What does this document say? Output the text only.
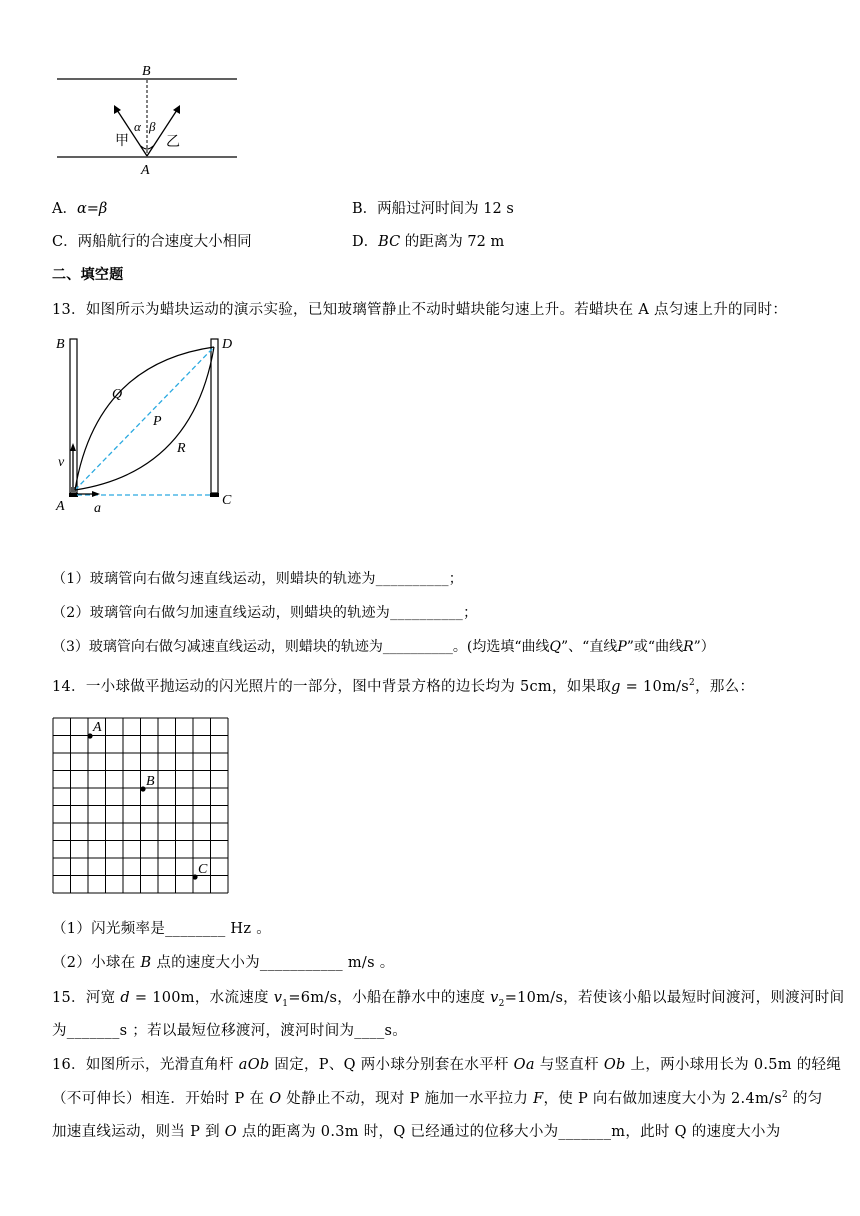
B
A
甲	乙
α β
A．α=β	B．两船过河时间为 12 s
C．两船航行的合速度大小相同	D．BC 的距离为 72 m
二、填空题
13．如图所示为蜡块运动的演示实验，已知玻璃管静止不动时蜡块能匀速上升。若蜡块在 A 点匀速上升的同时：
B	D
Q
P
R
v
A a
C
（1）玻璃管向右做匀速直线运动，则蜡块的轨迹为__________；
（2）玻璃管向右做匀加速直线运动，则蜡块的轨迹为__________；
（3）玻璃管向右做匀减速直线运动，则蜡块的轨迹为__________。(均选填“曲线Q”、“直线P”或“曲线R”）
14．一小球做平抛运动的闪光照片的一部分，图中背景方格的边长均为 5cm，如果取$g = 10m/s^2$，那么：
A
B
C
（1）闪光频率是________ Hz 。
（2）小球在 B 点的速度大小为___________ m/s 。
15．河宽 d = 100m，水流速度 $v_1=6m/s$，小船在静水中的速度 $v_2=10m/s$，若使该小船以最短时间渡河，则渡河时间
为_______s ；若以最短位移渡河，渡河时间为____s。
16．如图所示，光滑直角杆 aOb 固定，P、Q 两小球分别套在水平杆 Oa 与竖直杆 Ob 上，两小球用长为 0.5m 的轻绳
（不可伸长）相连．开始时 P 在 O 处静止不动，现对 P 施加一水平拉力 F，使 P 向右做加速度大小为 $2.4m/s^2$ 的匀
加速直线运动，则当 P 到 O 点的距离为 0.3m 时，Q 已经通过的位移大小为_______m，此时 Q 的速度大小为
